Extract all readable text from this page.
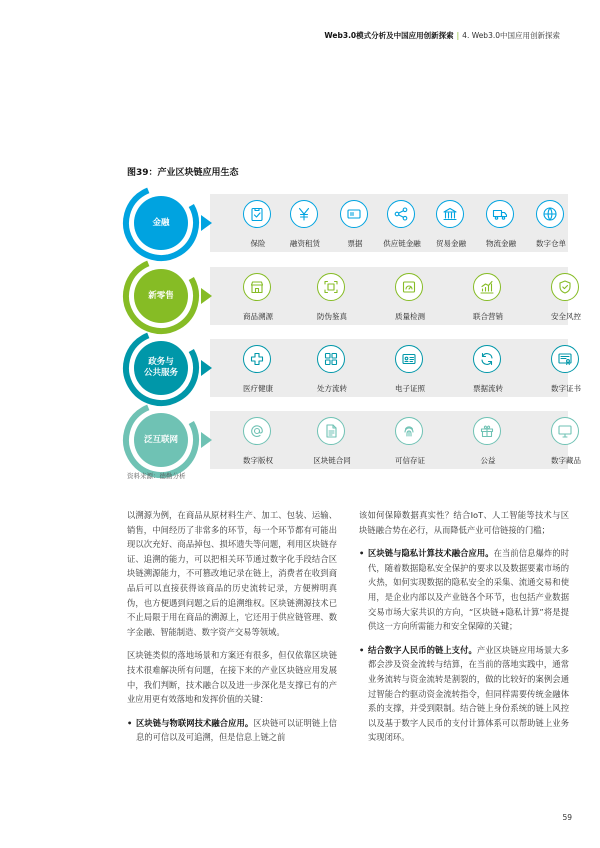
Web3.0模式分析及中国应用创新探索 | 4. Web3.0中国应用创新探索
图39：产业区块链应用生态
金融
保险	融资租赁	票据	供应链金融	贸易金融	物流金融	数字仓单
新零售
商品溯源	防伪鉴真	质量检测	联合营销	安全风控
政务与
公共服务
医疗健康	处方流转	电子证照	票据流转	数字证书
泛互联网
数字版权	区块链合同	可信存证	公益	数字藏品
资料来源：德勤分析

以溯源为例，在商品从原材料生产、加工、包装、运输、销售，中间经历了非常多的环节，每一个环节都有可能出现以次充好、商品掉包、损坏遗失等问题，利用区块链存证、追溯的能力，可以把相关环节通过数字化手段结合区块链溯源能力，不可篡改地记录在链上，消费者在收到商品后可以直接获得该商品的历史流转记录，方便辨明真伪，也方便遇到问题之后的追溯维权。区块链溯源技术已不止局限于用在商品的溯源上，它还用于供应链管理、数字金融、智能制造、数字资产交易等领域。

区块链类似的落地场景和方案还有很多，但仅依靠区块链技术很难解决所有问题，在接下来的产业区块链应用发展中，我们判断，技术融合以及进一步深化是支撑已有的产业应用更有效落地和发挥价值的关键：

• 区块链与物联网技术融合应用。区块链可以证明链上信息的可信以及可追溯，但是信息上链之前

该如何保障数据真实性？结合IoT、人工智能等技术与区块链融合势在必行，从而降低产业可信链接的门槛；

• 区块链与隐私计算技术融合应用。在当前信息爆炸的时代，随着数据隐私安全保护的要求以及数据要素市场的火热，如何实现数据的隐私安全的采集、流通交易和使用，是企业内部以及产业链各个环节，也包括产业数据交易市场大家共识的方向，“区块链+隐私计算”将是提供这一方向所需能力和安全保障的关键；

• 结合数字人民币的链上支付。产业区块链应用场景大多都会涉及资金流转与结算，在当前的落地实践中，通常业务流转与资金流转是割裂的，做的比较好的案例会通过智能合约驱动资金流转指令，但同样需要传统金融体系的支撑，并受到限制。结合链上身份系统的链上风控以及基于数字人民币的支付计算体系可以帮助链上业务实现闭环。

59
